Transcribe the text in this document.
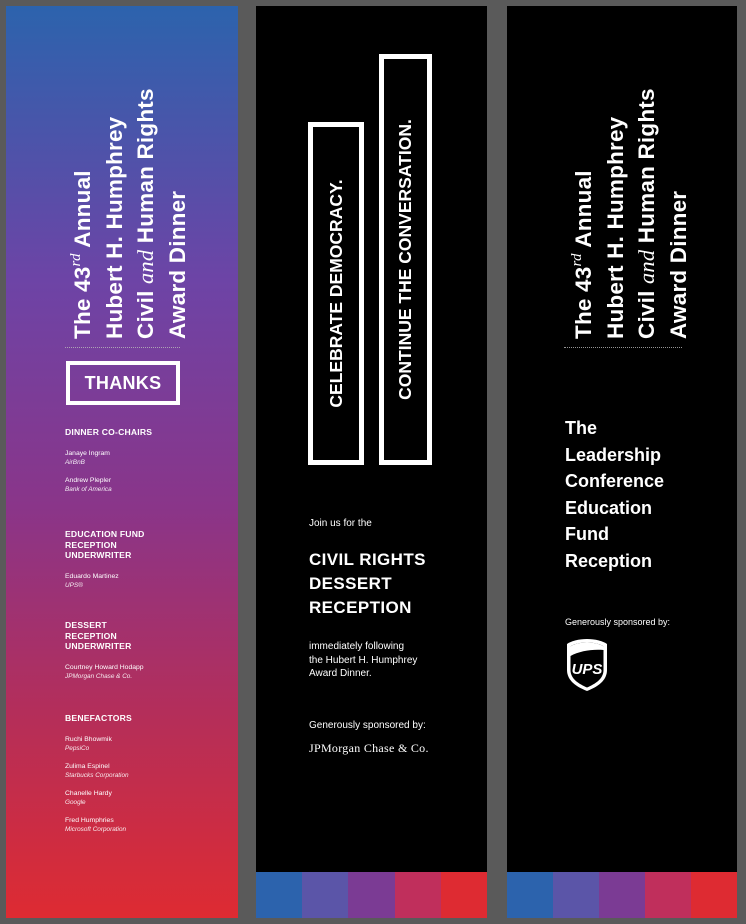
The 43rd Annual Hubert H. Humphrey Civil and Human Rights
Award Dinner
THANKS
DINNER CO-CHAIRS
Janaye Ingram
AirBnB
Andrew Plepler
Bank of America
EDUCATION FUND RECEPTION UNDERWRITER
Eduardo Martinez
UPS®
DESSERT RECEPTION UNDERWRITER
Courtney Howard Hodapp
JPMorgan Chase & Co.
BENEFACTORS
Ruchi Bhowmik
PepsiCo
Zulima Espinel
Starbucks Corporation
Chanelle Hardy
Google
Fred Humphries
Microsoft Corporation
CELEBRATE DEMOCRACY.	CONTINUE THE CONVERSATION.
Join us for the
CIVIL RIGHTS
DESSERT
RECEPTION
immediately following
the Hubert H. Humphrey
Award Dinner.
Generously sponsored by:
JPMorgan Chase & Co.
The 43rd Annual Hubert H. Humphrey Civil and Human Rights
Award Dinner
The
Leadership
Conference
Education
Fund
Reception
Generously sponsored by:
UPS
